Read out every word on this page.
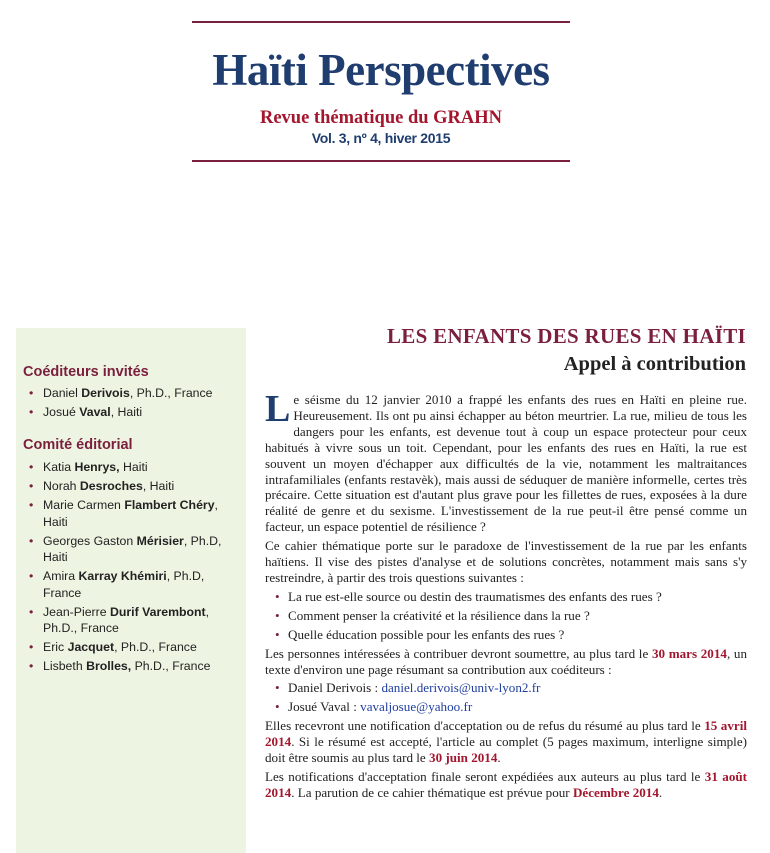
Haïti Perspectives
Revue thématique du GRAHN
Vol. 3, nº 4, hiver 2015
Coéditeurs invités
• Daniel Derivois, Ph.D., France
• Josué Vaval, Haiti
Comité éditorial
• Katia Henrys, Haiti
• Norah Desroches, Haiti
• Marie Carmen Flambert Chéry, Haiti
• Georges Gaston Mérisier, Ph.D, Haiti
• Amira Karray Khémiri, Ph.D, France
• Jean-Pierre Durif Varembont, Ph.D., France
• Eric Jacquet, Ph.D., France
• Lisbeth Brolles, Ph.D., France
LES ENFANTS DES RUES EN HAÏTI
Appel à contribution

Le séisme du 12 janvier 2010 a frappé les enfants des rues en Haïti en pleine rue. Heureusement. Ils ont pu ainsi échapper au béton meurtrier. La rue, milieu de tous les dangers pour les enfants, est devenue tout à coup un espace protecteur pour ceux habitués à vivre sous un toit. Cependant, pour les enfants des rues en Haïti, la rue est souvent un moyen d'échapper aux difficultés de la vie, notamment les maltraitances intrafamiliales (enfants restavèk), mais aussi de séduquer de manière informelle, certes très précaire. Cette situation est d'autant plus grave pour les fillettes de rues, exposées à la dure réalité de genre et du sexisme. L'investissement de la rue peut-il être pensé comme un facteur, un espace potentiel de résilience ?

Ce cahier thématique porte sur le paradoxe de l'investissement de la rue par les enfants haïtiens. Il vise des pistes d'analyse et de solutions concrètes, notamment mais sans s'y restreindre, à partir des trois questions suivantes :

• La rue est-elle source ou destin des traumatismes des enfants des rues ?
• Comment penser la créativité et la résilience dans la rue ?
• Quelle éducation possible pour les enfants des rues ?

Les personnes intéressées à contribuer devront soumettre, au plus tard le 30 mars 2014, un texte d'environ une page résumant sa contribution aux coéditeurs :

• Daniel Derivois : daniel.derivois@univ-lyon2.fr
• Josué Vaval : vavaljosue@yahoo.fr

Elles recevront une notification d'acceptation ou de refus du résumé au plus tard le 15 avril 2014. Si le résumé est accepté, l'article au complet (5 pages maximum, interligne simple) doit être soumis au plus tard le 30 juin 2014.

Les notifications d'acceptation finale seront expédiées aux auteurs au plus tard le 31 août 2014. La parution de ce cahier thématique est prévue pour Décembre 2014.
